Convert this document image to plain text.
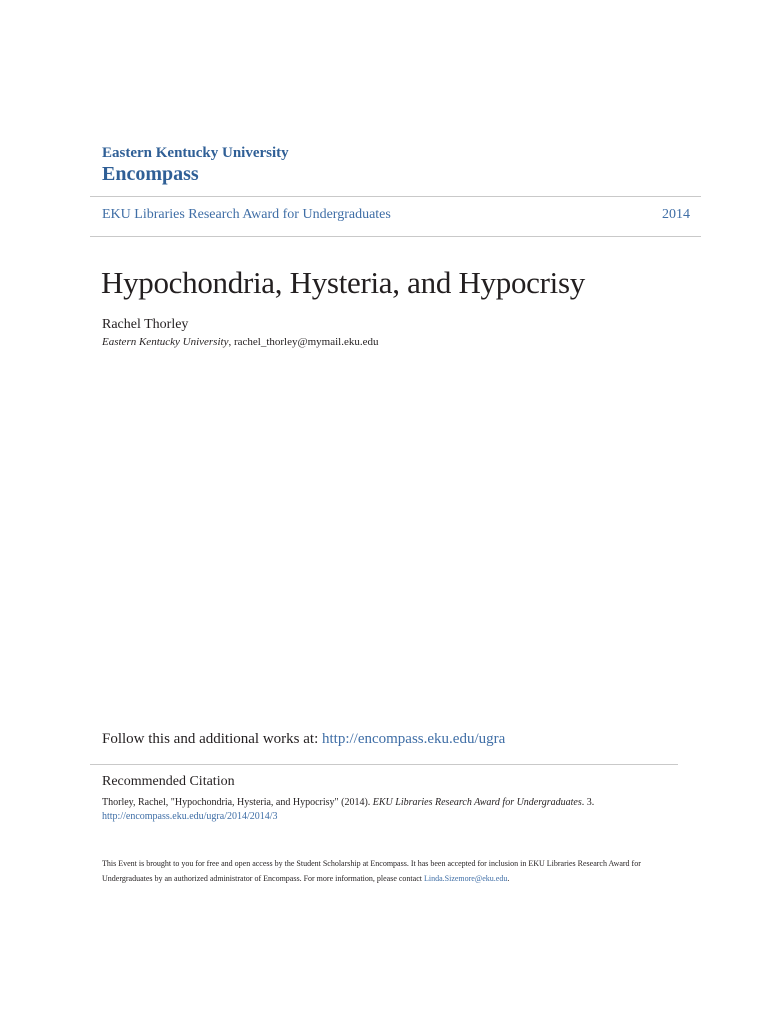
Eastern Kentucky University
Encompass
EKU Libraries Research Award for Undergraduates	2014
Hypochondria, Hysteria, and Hypocrisy
Rachel Thorley
Eastern Kentucky University, rachel_thorley@mymail.eku.edu
Follow this and additional works at: http://encompass.eku.edu/ugra
Recommended Citation
Thorley, Rachel, "Hypochondria, Hysteria, and Hypocrisy" (2014). EKU Libraries Research Award for Undergraduates. 3.
http://encompass.eku.edu/ugra/2014/2014/3
This Event is brought to you for free and open access by the Student Scholarship at Encompass. It has been accepted for inclusion in EKU Libraries Research Award for Undergraduates by an authorized administrator of Encompass. For more information, please contact Linda.Sizemore@eku.edu.
